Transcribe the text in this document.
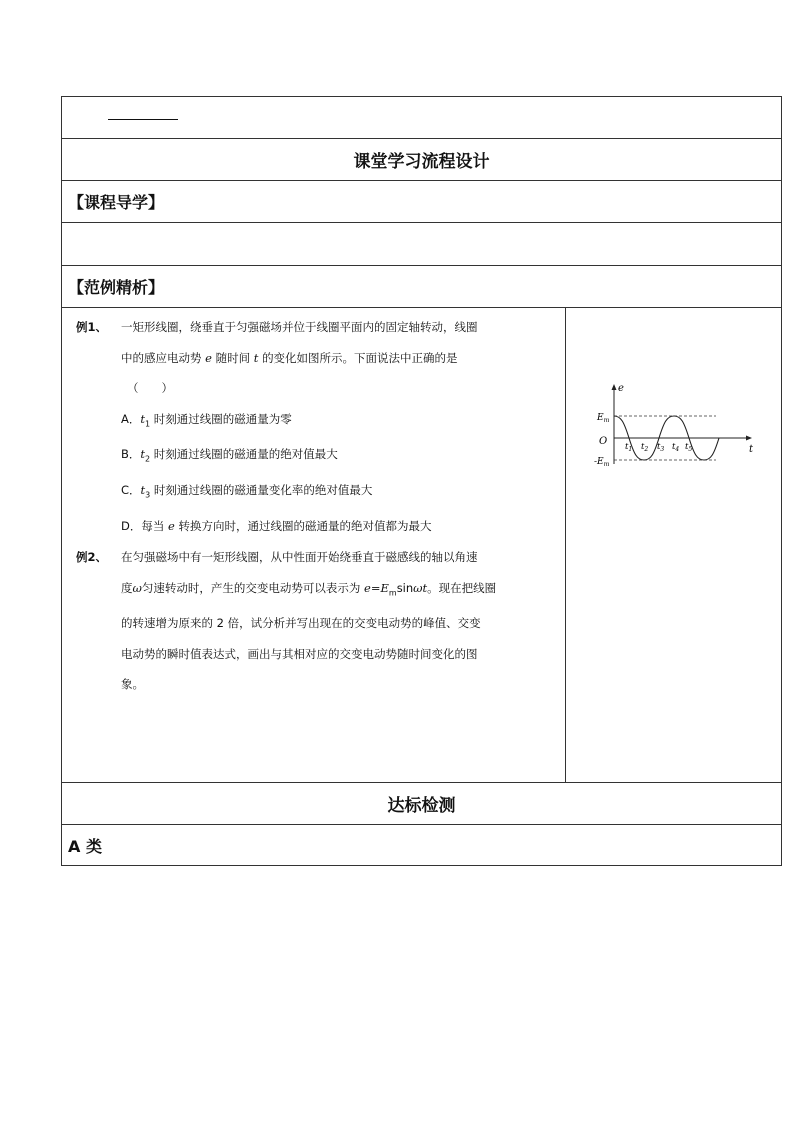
课堂学习流程设计
【课程导学】

【范例精析】

例1、 一矩形线圈，绕垂直于匀强磁场并位于线圈平面内的固定轴转动，线圈
中的感应电动势 e 随时间 t 的变化如图所示。下面说法中正确的是
（　　）
A．$t_1$ 时刻通过线圈的磁通量为零
B．$t_2$ 时刻通过线圈的磁通量的绝对值最大
C．$t_3$ 时刻通过线圈的磁通量变化率的绝对值最大
D．每当 e 转换方向时，通过线圈的磁通量的绝对值都为最大
例2、 在匀强磁场中有一矩形线圈，从中性面开始绕垂直于磁感线的轴以角速
度ω匀速转动时，产生的交变电动势可以表示为 $e=E_m\sin\omega t$。现在把线圈
的转速增为原来的 2 倍，试分析并写出现在的交变电动势的峰值、交变
电动势的瞬时值表达式，画出与其相对应的交变电动势随时间变化的图
象。

e
t
O
$E_m$
$-E_m$
$t_1$ $t_2$ $t_3$ $t_4$ $t_5$

达标检测
A 类
